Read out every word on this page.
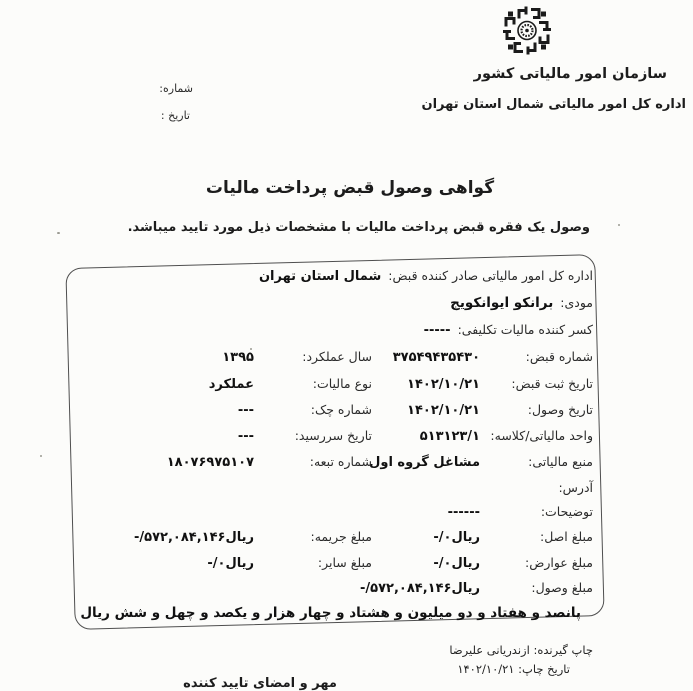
شماره:
تاریخ :
سازمان امور مالیاتی کشور
اداره کل امور مالیاتی شمال استان تهران
گواهی وصول قبض پرداخت مالیات
وصول یک فقره قبض پرداخت مالیات با مشخصات ذیل مورد تایید میباشد.
اداره کل امور مالیاتی صادر کننده قبض:شمال استان تهران
مودی:برانکو ایوانکویج
کسر کننده مالیات تکلیفی:-----
شماره قبض:۳۷۵۴۹۴۳۵۴۳۰
تاریخ ثبت قبض:۱۴۰۲/۱۰/۲۱
تاریخ وصول:۱۴۰۲/۱۰/۲۱
واحد مالیاتی/کلاسه:۵۱۳۱۲۳/۱
منبع مالیاتی:مشاغل گروه اول
آدرس:
توضیحات:------
مبلغ اصل:-/۰ریال
مبلغ عوارض:-/۰ریال
مبلغ وصول:-/۵۷۲,۰۸۴,۱۴۶ریال
سال عملکرد:۱۳۹۵
نوع مالیات:عملکرد
شماره چک:---
تاریخ سررسید:---
شماره تبعه:۱۸۰۷۶۹۷۵۱۰۷
مبلغ جریمه:-/۵۷۲,۰۸۴,۱۴۶ریال
مبلغ سایر:-/۰ریال
پانصد و هفتاد و دو میلیون و هشتاد و چهار هزار و یکصد و چهل و شش ریال
چاپ گیرنده: ازندریانی علیرضا
تاریخ چاپ: ۱۴۰۲/۱۰/۲۱
مهر و امضای تایید کننده
